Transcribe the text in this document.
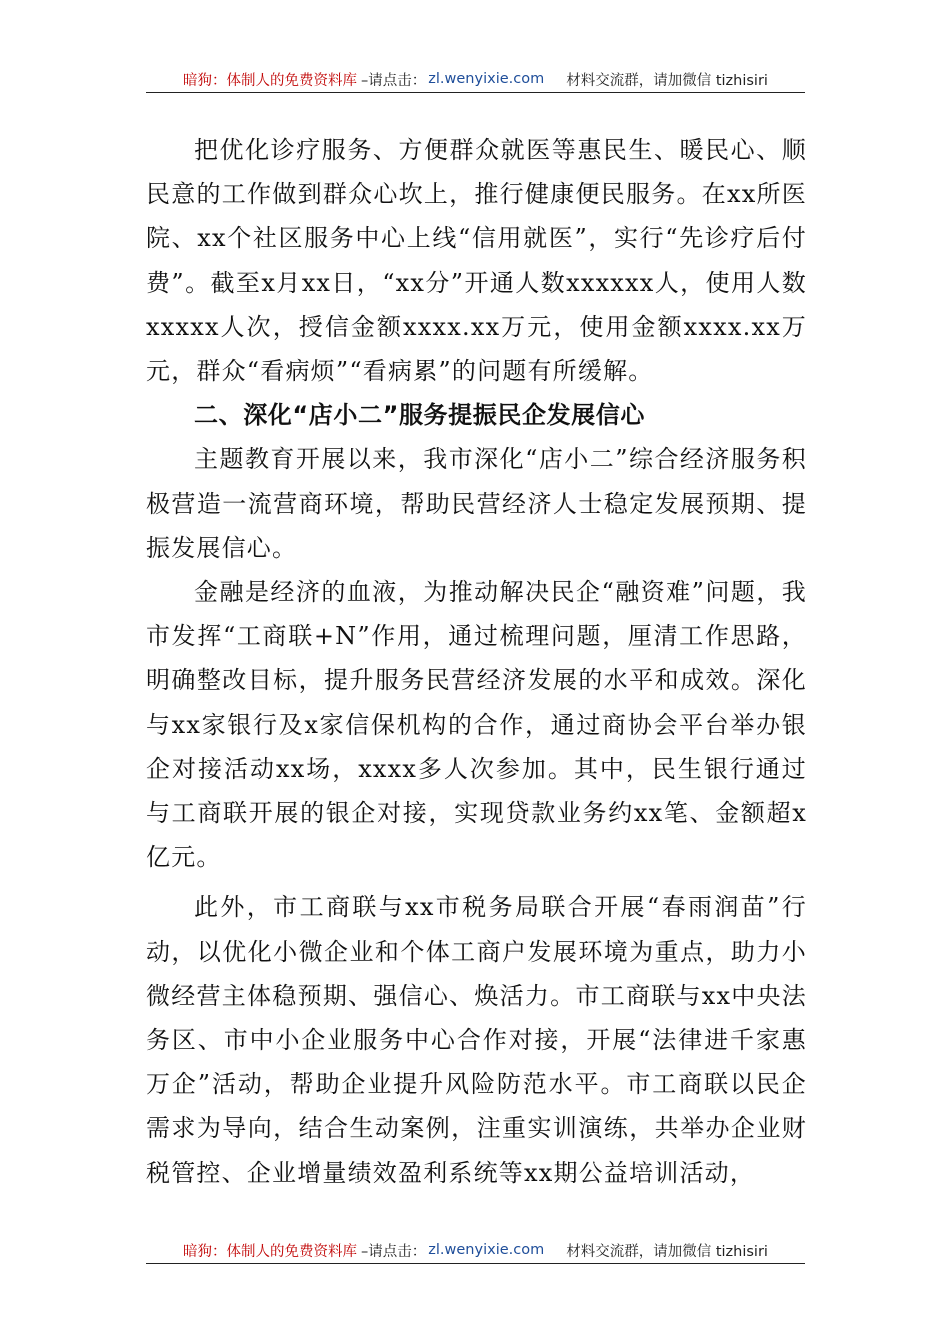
暗狗：体制人的免费资料库 –请点击： zl.wenyixie.com 材料交流群，请加微信 tizhisiri

把优化诊疗服务、方便群众就医等惠民生、暖民心、顺民意的工作做到群众心坎上，推行健康便民服务。在xx所医院、xx个社区服务中心上线“信用就医”，实行“先诊疗后付费”。截至x月xx日，“xx分”开通人数xxxxxx人，使用人数xxxxx人次，授信金额xxxx.xx万元，使用金额xxxx.xx万元，群众“看病烦”“看病累”的问题有所缓解。

二、深化“店小二”服务提振民企发展信心

主题教育开展以来，我市深化“店小二”综合经济服务积极营造一流营商环境，帮助民营经济人士稳定发展预期、提振发展信心。

金融是经济的血液，为推动解决民企“融资难”问题，我市发挥“工商联+N”作用，通过梳理问题，厘清工作思路，明确整改目标，提升服务民营经济发展的水平和成效。深化与xx家银行及x家信保机构的合作，通过商协会平台举办银企对接活动xx场，xxxx多人次参加。其中，民生银行通过与工商联开展的银企对接，实现贷款业务约xx笔、金额超x亿元。

此外，市工商联与xx市税务局联合开展“春雨润苗”行动，以优化小微企业和个体工商户发展环境为重点，助力小微经营主体稳预期、强信心、焕活力。市工商联与xx中央法务区、市中小企业服务中心合作对接，开展“法律进千家惠万企”活动，帮助企业提升风险防范水平。市工商联以民企需求为导向，结合生动案例，注重实训演练，共举办企业财税管控、企业增量绩效盈利系统等xx期公益培训活动，

暗狗：体制人的免费资料库 –请点击： zl.wenyixie.com 材料交流群，请加微信 tizhisiri
